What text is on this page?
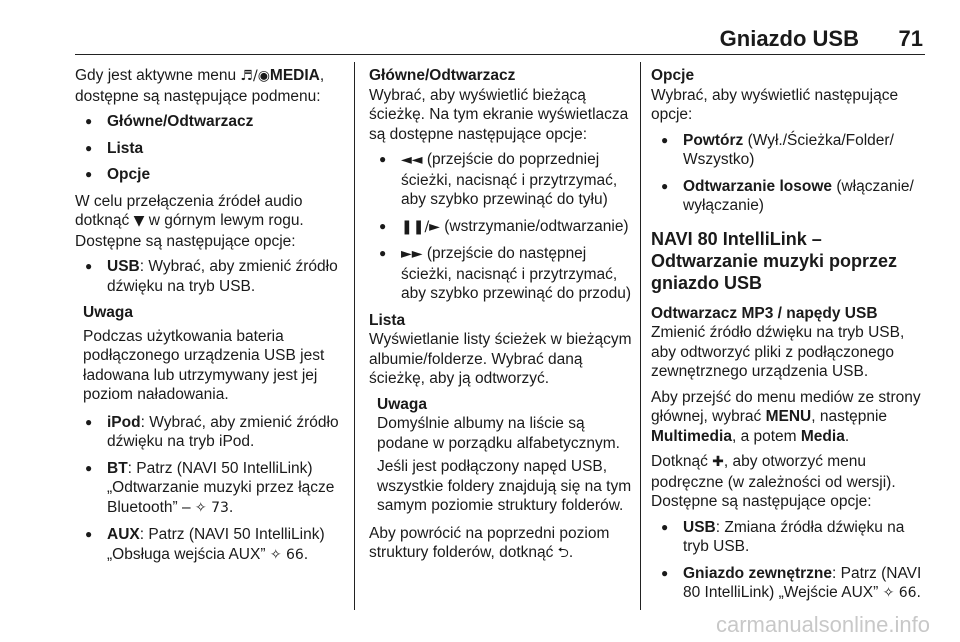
Gniazdo USB 71

Gdy jest aktywne menu ♬/◉MEDIA, dostępne są następujące podmenu:

● Główne/Odtwarzacz
● Lista
● Opcje

W celu przełączenia źródeł audio dotknąć ▼ w górnym lewym rogu. Dostępne są następujące opcje:

● USB: Wybrać, aby zmienić źródło dźwięku na tryb USB.

Uwaga

Podczas użytkowania bateria podłączonego urządzenia USB jest ładowana lub utrzymywany jest jej poziom naładowania.

● iPod: Wybrać, aby zmienić źródło dźwięku na tryb iPod.
● BT: Patrz (NAVI 50 IntelliLink) „Odtwarzanie muzyki przez łącze Bluetooth” – ✧ 73.
● AUX: Patrz (NAVI 50 IntelliLink) „Obsługa wejścia AUX” ✧ 66.

Główne/Odtwarzacz

Wybrać, aby wyświetlić bieżącą ścieżkę. Na tym ekranie wyświetlacza są dostępne następujące opcje:

● ◄◄ (przejście do poprzedniej ścieżki, nacisnąć i przytrzymać, aby szybko przewinąć do tyłu)
● ❚❚/► (wstrzymanie/odtwarzanie)
● ►► (przejście do następnej ścieżki, nacisnąć i przytrzymać, aby szybko przewinąć do przodu)

Lista

Wyświetlanie listy ścieżek w bieżącym albumie/folderze. Wybrać daną ścieżkę, aby ją odtworzyć.

Uwaga

Domyślnie albumy na liście są podane w porządku alfabetycznym.

Jeśli jest podłączony napęd USB, wszystkie foldery znajdują się na tym samym poziomie struktury folderów.

Aby powrócić na poprzedni poziom struktury folderów, dotknąć ⮌.

Opcje

Wybrać, aby wyświetlić następujące opcje:

● Powtórz (Wył./Ścieżka/Folder/ Wszystko)
● Odtwarzanie losowe (włączanie/ wyłączanie)
NAVI 80 IntelliLink – Odtwarzanie muzyki poprzez gniazdo USB

Odtwarzacz MP3 / napędy USB

Zmienić źródło dźwięku na tryb USB, aby odtworzyć pliki z podłączonego zewnętrznego urządzenia USB.

Aby przejść do menu mediów ze strony głównej, wybrać MENU, następnie Multimedia, a potem Media.

Dotknąć ✚, aby otworzyć menu podręczne (w zależności od wersji). Dostępne są następujące opcje:

● USB: Zmiana źródła dźwięku na tryb USB.
● Gniazdo zewnętrzne: Patrz (NAVI 80 IntelliLink) „Wejście AUX” ✧ 66.
carmanualsonline.info
